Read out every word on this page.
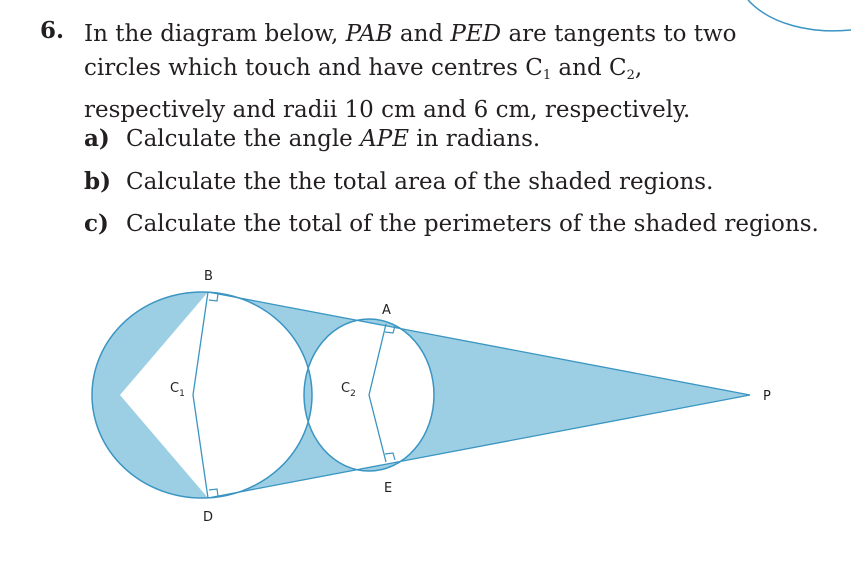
6. In the diagram below, PAB and PED are tangents to two
circles which touch and have centres $C_1$ and $C_2$,
respectively and radii 10 cm and 6 cm, respectively.
a) Calculate the angle APE in radians.
b) Calculate the the total area of the shaded regions.
c) Calculate the total of the perimeters of the shaded regions.
B
A
P
E
D
$C_1$	$C_2$
